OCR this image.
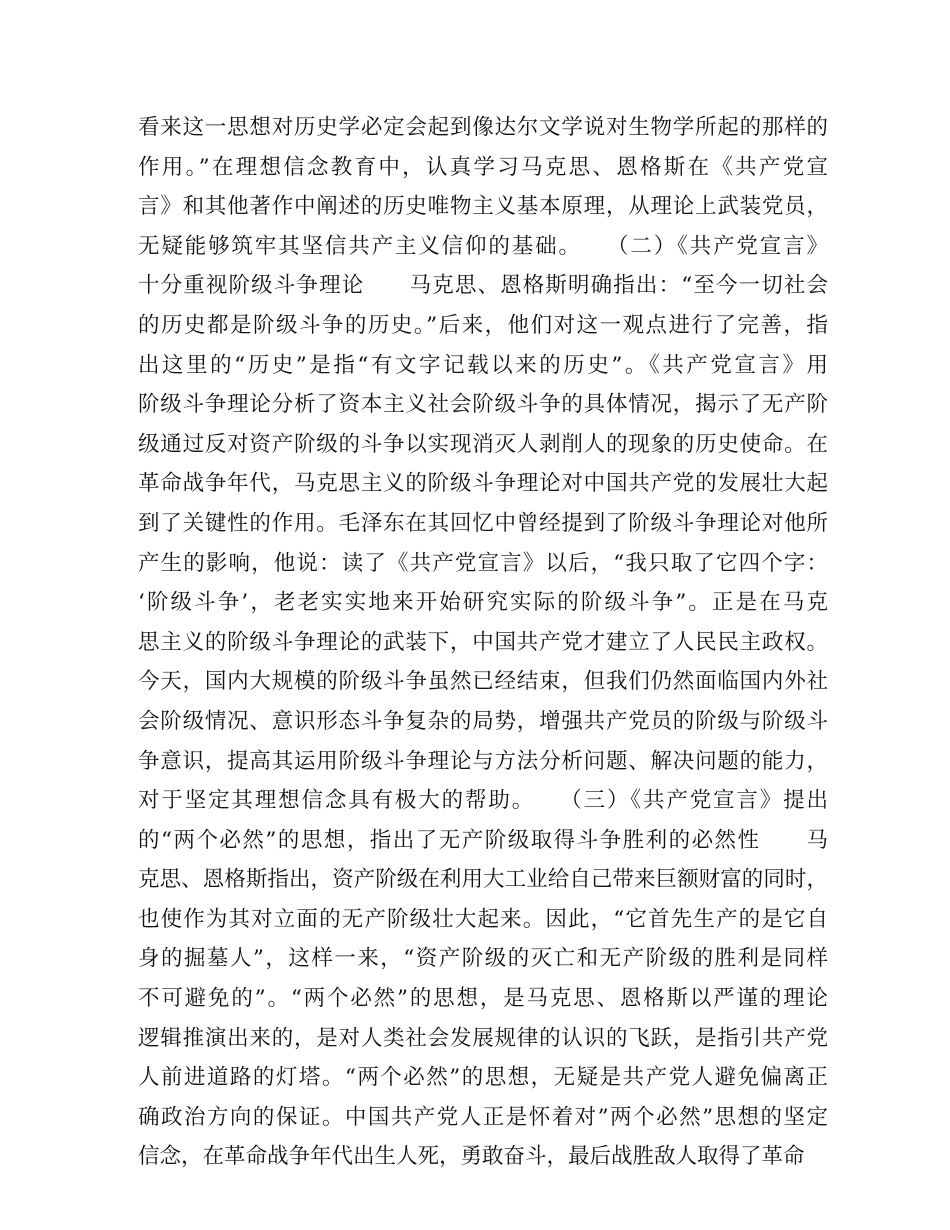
看来这一思想对历史学必定会起到像达尔文学说对生物学所起的那样的
作用。”在理想信念教育中，认真学习马克思、恩格斯在《共产党宣
言》和其他著作中阐述的历史唯物主义基本原理，从理论上武装党员，
无疑能够筑牢其坚信共产主义信仰的基础。　　（二）《共产党宣言》
十分重视阶级斗争理论　　马克思、恩格斯明确指出：“至今一切社会
的历史都是阶级斗争的历史。”后来，他们对这一观点进行了完善，指
出这里的“历史”是指“有文字记载以来的历史”。《共产党宣言》用
阶级斗争理论分析了资本主义社会阶级斗争的具体情况，揭示了无产阶
级通过反对资产阶级的斗争以实现消灭人剥削人的现象的历史使命。在
革命战争年代，马克思主义的阶级斗争理论对中国共产党的发展壮大起
到了关键性的作用。毛泽东在其回忆中曾经提到了阶级斗争理论对他所
产生的影响，他说：读了《共产党宣言》以后，“我只取了它四个字：
‘阶级斗争’，老老实实地来开始研究实际的阶级斗争”。正是在马克
思主义的阶级斗争理论的武装下，中国共产党才建立了人民民主政权。
今天，国内大规模的阶级斗争虽然已经结束，但我们仍然面临国内外社
会阶级情况、意识形态斗争复杂的局势，增强共产党员的阶级与阶级斗
争意识，提高其运用阶级斗争理论与方法分析问题、解决问题的能力，
对于坚定其理想信念具有极大的帮助。　　（三）《共产党宣言》提出
的“两个必然”的思想，指出了无产阶级取得斗争胜利的必然性　　马
克思、恩格斯指出，资产阶级在利用大工业给自己带来巨额财富的同时，
也使作为其对立面的无产阶级壮大起来。因此，“它首先生产的是它自
身的掘墓人”，这样一来，“资产阶级的灭亡和无产阶级的胜利是同样
不可避免的”。“两个必然”的思想，是马克思、恩格斯以严谨的理论
逻辑推演出来的，是对人类社会发展规律的认识的飞跃，是指引共产党
人前进道路的灯塔。“两个必然”的思想，无疑是共产党人避免偏离正
确政治方向的保证。中国共产党人正是怀着对”两个必然”思想的坚定
信念，在革命战争年代出生人死，勇敢奋斗，最后战胜敌人取得了革命
